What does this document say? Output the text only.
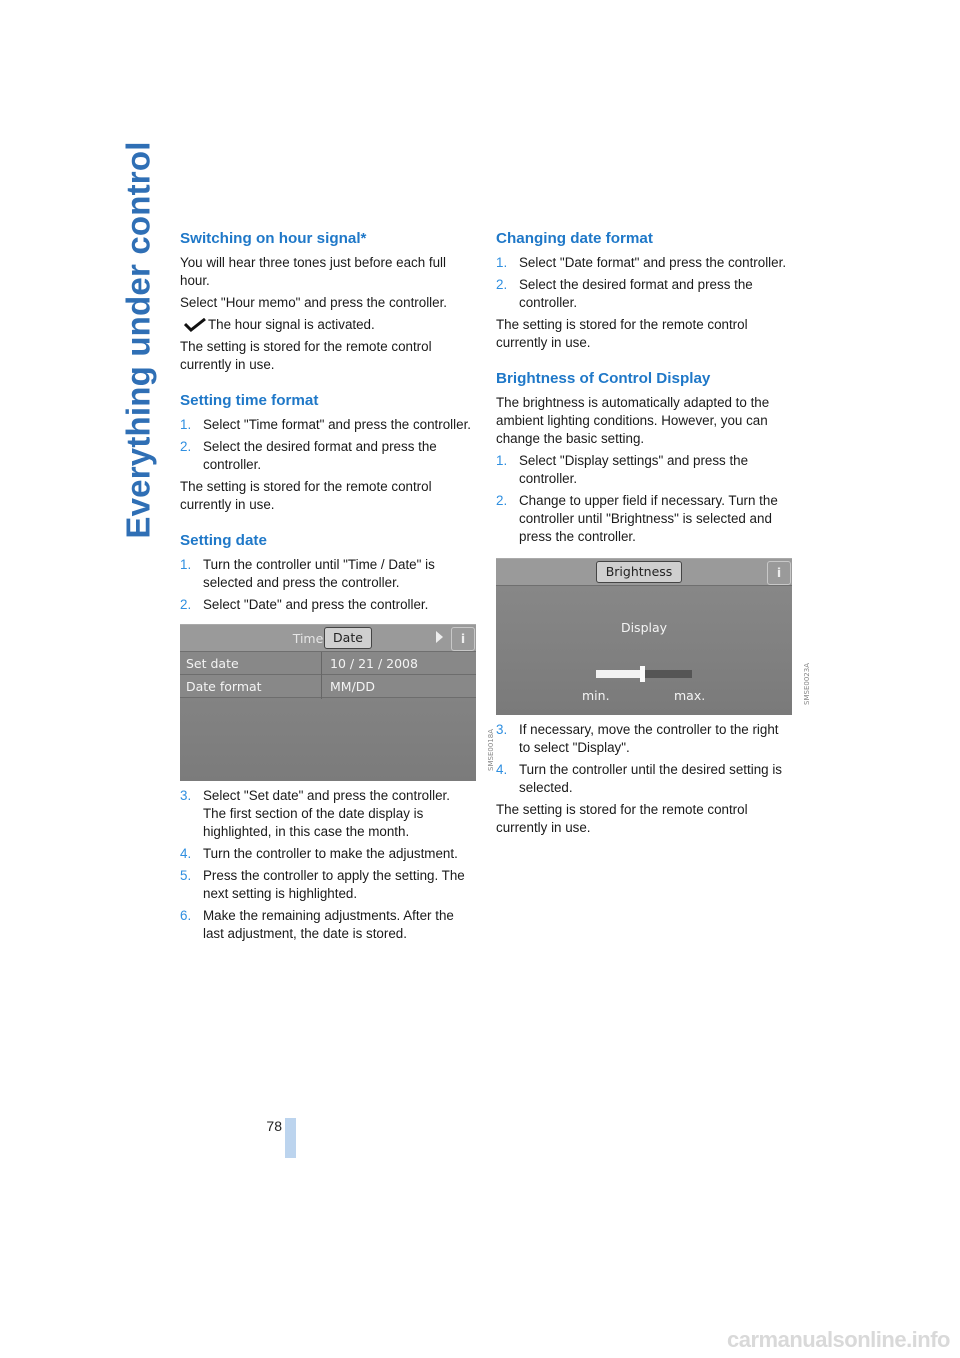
Everything under control Switching on hour signal*

You will hear three tones just before each full hour.

Select "Hour memo" and press the controller.

The hour signal is activated.

The setting is stored for the remote control currently in use.

Setting time format
1. Select "Time format" and press the controller.
2. Select the desired format and press the controller.

The setting is stored for the remote control currently in use.

Setting date
1. Turn the controller until "Time / Date" is selected and press the controller.
2. Select "Date" and press the controller.
Time Date	i
Set date	10 / 21 / 2008
Date format	MM/DD
SMSE0018A
3. Select "Set date" and press the controller. The first section of the date display is highlighted, in this case the month.
4. Turn the controller to make the adjustment.
5. Press the controller to apply the setting. The next setting is highlighted.
6. Make the remaining adjustments. After the last adjustment, the date is stored.
Changing date format
1. Select "Date format" and press the controller.
2. Select the desired format and press the controller.

The setting is stored for the remote control currently in use.

Brightness of Control Display

The brightness is automatically adapted to the ambient lighting conditions. However, you can change the basic setting.

1. Select "Display settings" and press the controller.
2. Change to upper field if necessary. Turn the controller until "Brightness" is selected and press the controller.
Brightness	i
Display
min.	max.	SMSE0023A
3. If necessary, move the controller to the right to select "Display".
4. Turn the controller until the desired setting is selected.

The setting is stored for the remote control currently in use.

78
carmanualsonline.info
